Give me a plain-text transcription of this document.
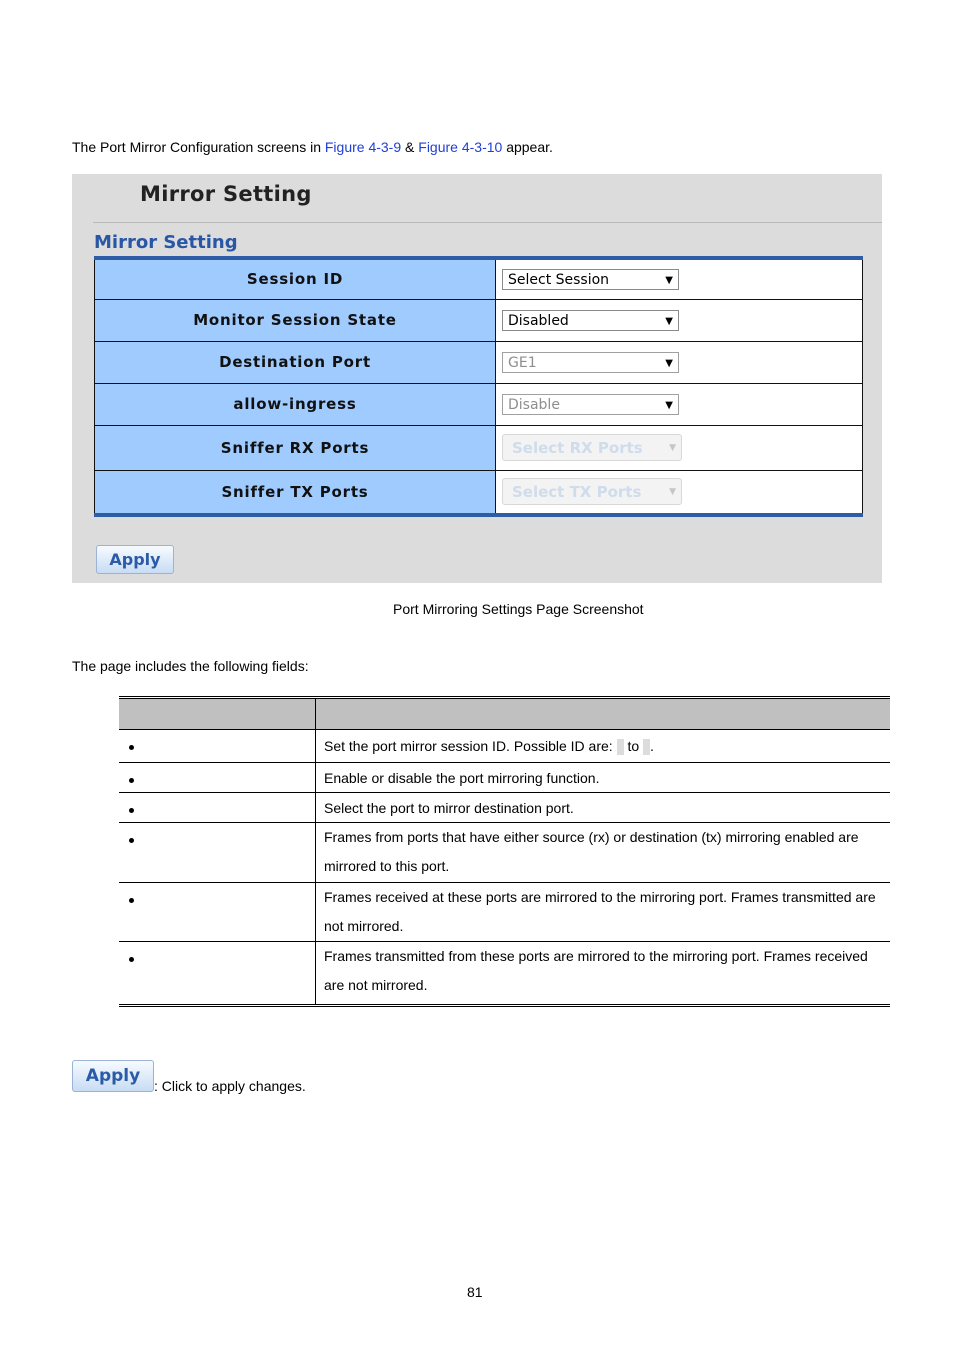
The Port Mirror Configuration screens in Figure 4-3-9 & Figure 4-3-10 appear.
Mirror Setting
Mirror Setting
Session ID	Select Session ▼

Monitor Session State	Disabled ▼

Destination Port	GE1 ▼

allow-ingress	Disable ▼

Sniffer RX Ports	Select RX Ports ▼

Sniffer TX Ports	Select TX Ports ▼
Apply
Port Mirroring Settings Page Screenshot
The page includes the following fields:

	Set the port mirror session ID. Possible ID are:  to .
	Enable or disable the port mirroring function.
	Select the port to mirror destination port.
	Frames from ports that have either source (rx) or destination (tx) mirroring enabled are mirrored to this port.
	Frames received at these ports are mirrored to the mirroring port. Frames transmitted are not mirrored.
	Frames transmitted from these ports are mirrored to the mirroring port. Frames received are not mirrored.
Apply : Click to apply changes.
81
